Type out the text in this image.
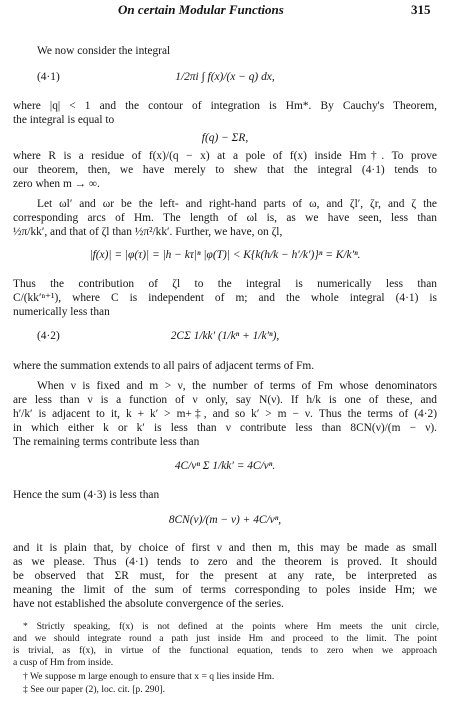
On certain Modular Functions	315
We now consider the integral
(4·1)	1/2πi ∫ f(x)/(x − q) dx,
where |q| < 1 and the contour of integration is Hm*. By Cauchy's Theorem,
the integral is equal to
f(q) − ΣR,
where R is a residue of f(x)/(q − x) at a pole of f(x) inside Hm†. To prove
our theorem, then, we have merely to shew that the integral (4·1) tends to
zero when m → ∞.
Let ωl′ and ωr be the left- and right-hand parts of ω, and ζl′, ζr, and ζ the
corresponding arcs of Hm. The length of ωl is, as we have seen, less than
½π/kk′, and that of ζl than ½π²/kk′. Further, we have, on ζl,
|f(x)| = |φ(τ)| = |h − kτ|ⁿ |φ(T)| < K{k(h/k − h′/k′)}ⁿ = K/k′ⁿ.
Thus the contribution of ζl to the integral is numerically less than
C/(kk′ⁿ⁺¹), where C is independent of m; and the whole integral (4·1) is
numerically less than
(4·2)	2CΣ 1/kk′ (1/kⁿ + 1/k′ⁿ),
where the summation extends to all pairs of adjacent terms of Fm.
When ν is fixed and m > ν, the number of terms of Fm whose denominators
are less than ν is a function of ν only, say N(ν). If h/k is one of these, and
h′/k′ is adjacent to it, k + k′ > m+‡, and so k′ > m − ν. Thus the terms of (4·2)
in which either k or k′ is less than ν contribute less than 8CN(ν)/(m − ν).
The remaining terms contribute less than
4C/νⁿ Σ 1/kk′ = 4C/νⁿ.
Hence the sum (4·3) is less than
8CN(ν)/(m − ν) + 4C/νⁿ,
and it is plain that, by choice of first ν and then m, this may be made as small
as we please. Thus (4·1) tends to zero and the theorem is proved. It should
be observed that ΣR must, for the present at any rate, be interpreted as
meaning the limit of the sum of terms corresponding to poles inside Hm; we
have not established the absolute convergence of the series.
* Strictly speaking, f(x) is not defined at the points where Hm meets the unit circle,
and we should integrate round a path just inside Hm and proceed to the limit. The point
is trivial, as f(x), in virtue of the functional equation, tends to zero when we approach
a cusp of Hm from inside.
† We suppose m large enough to ensure that x = q lies inside Hm.
‡ See our paper (2), loc. cit. [p. 290].
